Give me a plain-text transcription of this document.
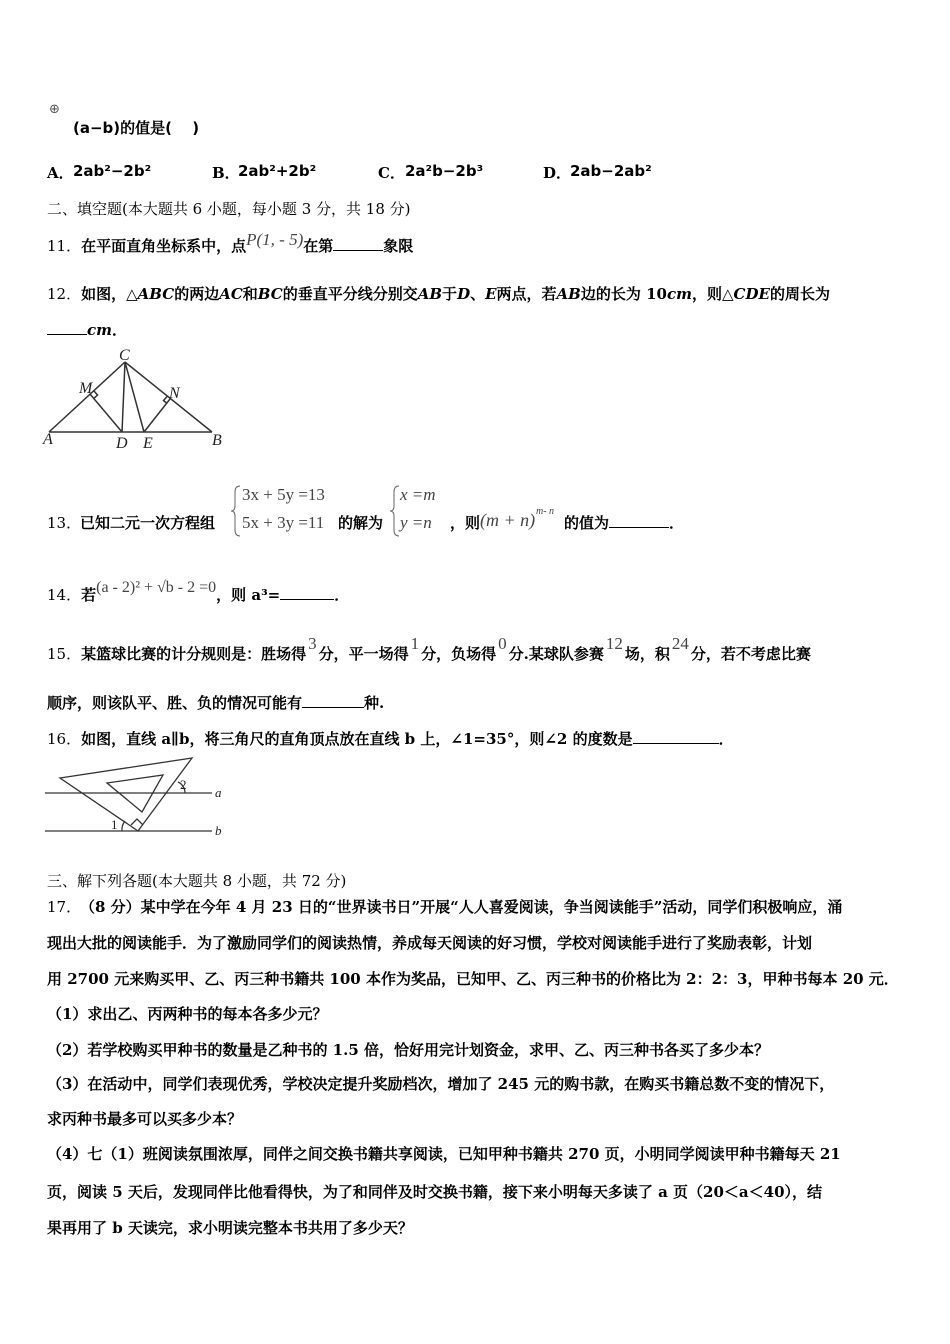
⊕
(a−b)的值是(　 )
A． 2ab²−2b²	B．
2ab²+2b²	C． 2a²b−2b³	D．
2ab−2ab²
二、填空题(本大题共 6 小题，每小题 3 分，共 18 分)
11．在平面直角坐标系中，点P(1, - 5)在第	象限
12．如图，△ABC的两边AC和BC的垂直平分线分别交AB于D、E两点，若AB边的长为 10cm，则△CDE的周长为
cm．
A	B
C
D E
M	N
13．
已知二元一次方程组
3x + 5y =13
5x + 3y =11 的解为
x =m
y =n ，则 (m + n) m- n
的值为	．
14．若(a - 2)² + √b - 2 =0，则 a³=	．
15．某篮球比赛的计分规则是：胜场得3分，平一场得1分，负场得0分.某球队参赛12场，积24分，若不考虑比赛
顺序，则该队平、胜、负的情况可能有	种.
16．如图，直线 a∥b，将三角尺的直角顶点放在直线 b 上，∠1=35°，则∠2 的度数是	．
a
b
1
2
三、解下列各题(本大题共 8 小题，共 72 分)
17．
（8 分）某中学在今年 4 月 23 日的“世界读书日”开展“人人喜爱阅读，争当阅读能手”活动，同学们积极响应，涌
现出大批的阅读能手．为了激励同学们的阅读热情，养成每天阅读的好习惯，学校对阅读能手进行了奖励表彰，计划
用 2700 元来购买甲、乙、丙三种书籍共 100 本作为奖品，已知甲、乙、丙三种书的价格比为 2：2：3，甲种书每本 20 元．
（1）求出乙、丙两种书的每本各多少元？
（2）若学校购买甲种书的数量是乙种书的 1.5 倍，恰好用完计划资金，求甲、乙、丙三种书各买了多少本？
（3）在活动中，同学们表现优秀，学校决定提升奖励档次，增加了 245 元的购书款，在购买书籍总数不变的情况下，
求丙种书最多可以买多少本？
（4）七（1）班阅读氛围浓厚，同伴之间交换书籍共享阅读，已知甲种书籍共 270 页，小明同学阅读甲种书籍每天 21
页，阅读 5 天后，发现同伴比他看得快，为了和同伴及时交换书籍，接下来小明每天多读了 a 页（20＜a＜40），结
果再用了 b 天读完，求小明读完整本书共用了多少天？
